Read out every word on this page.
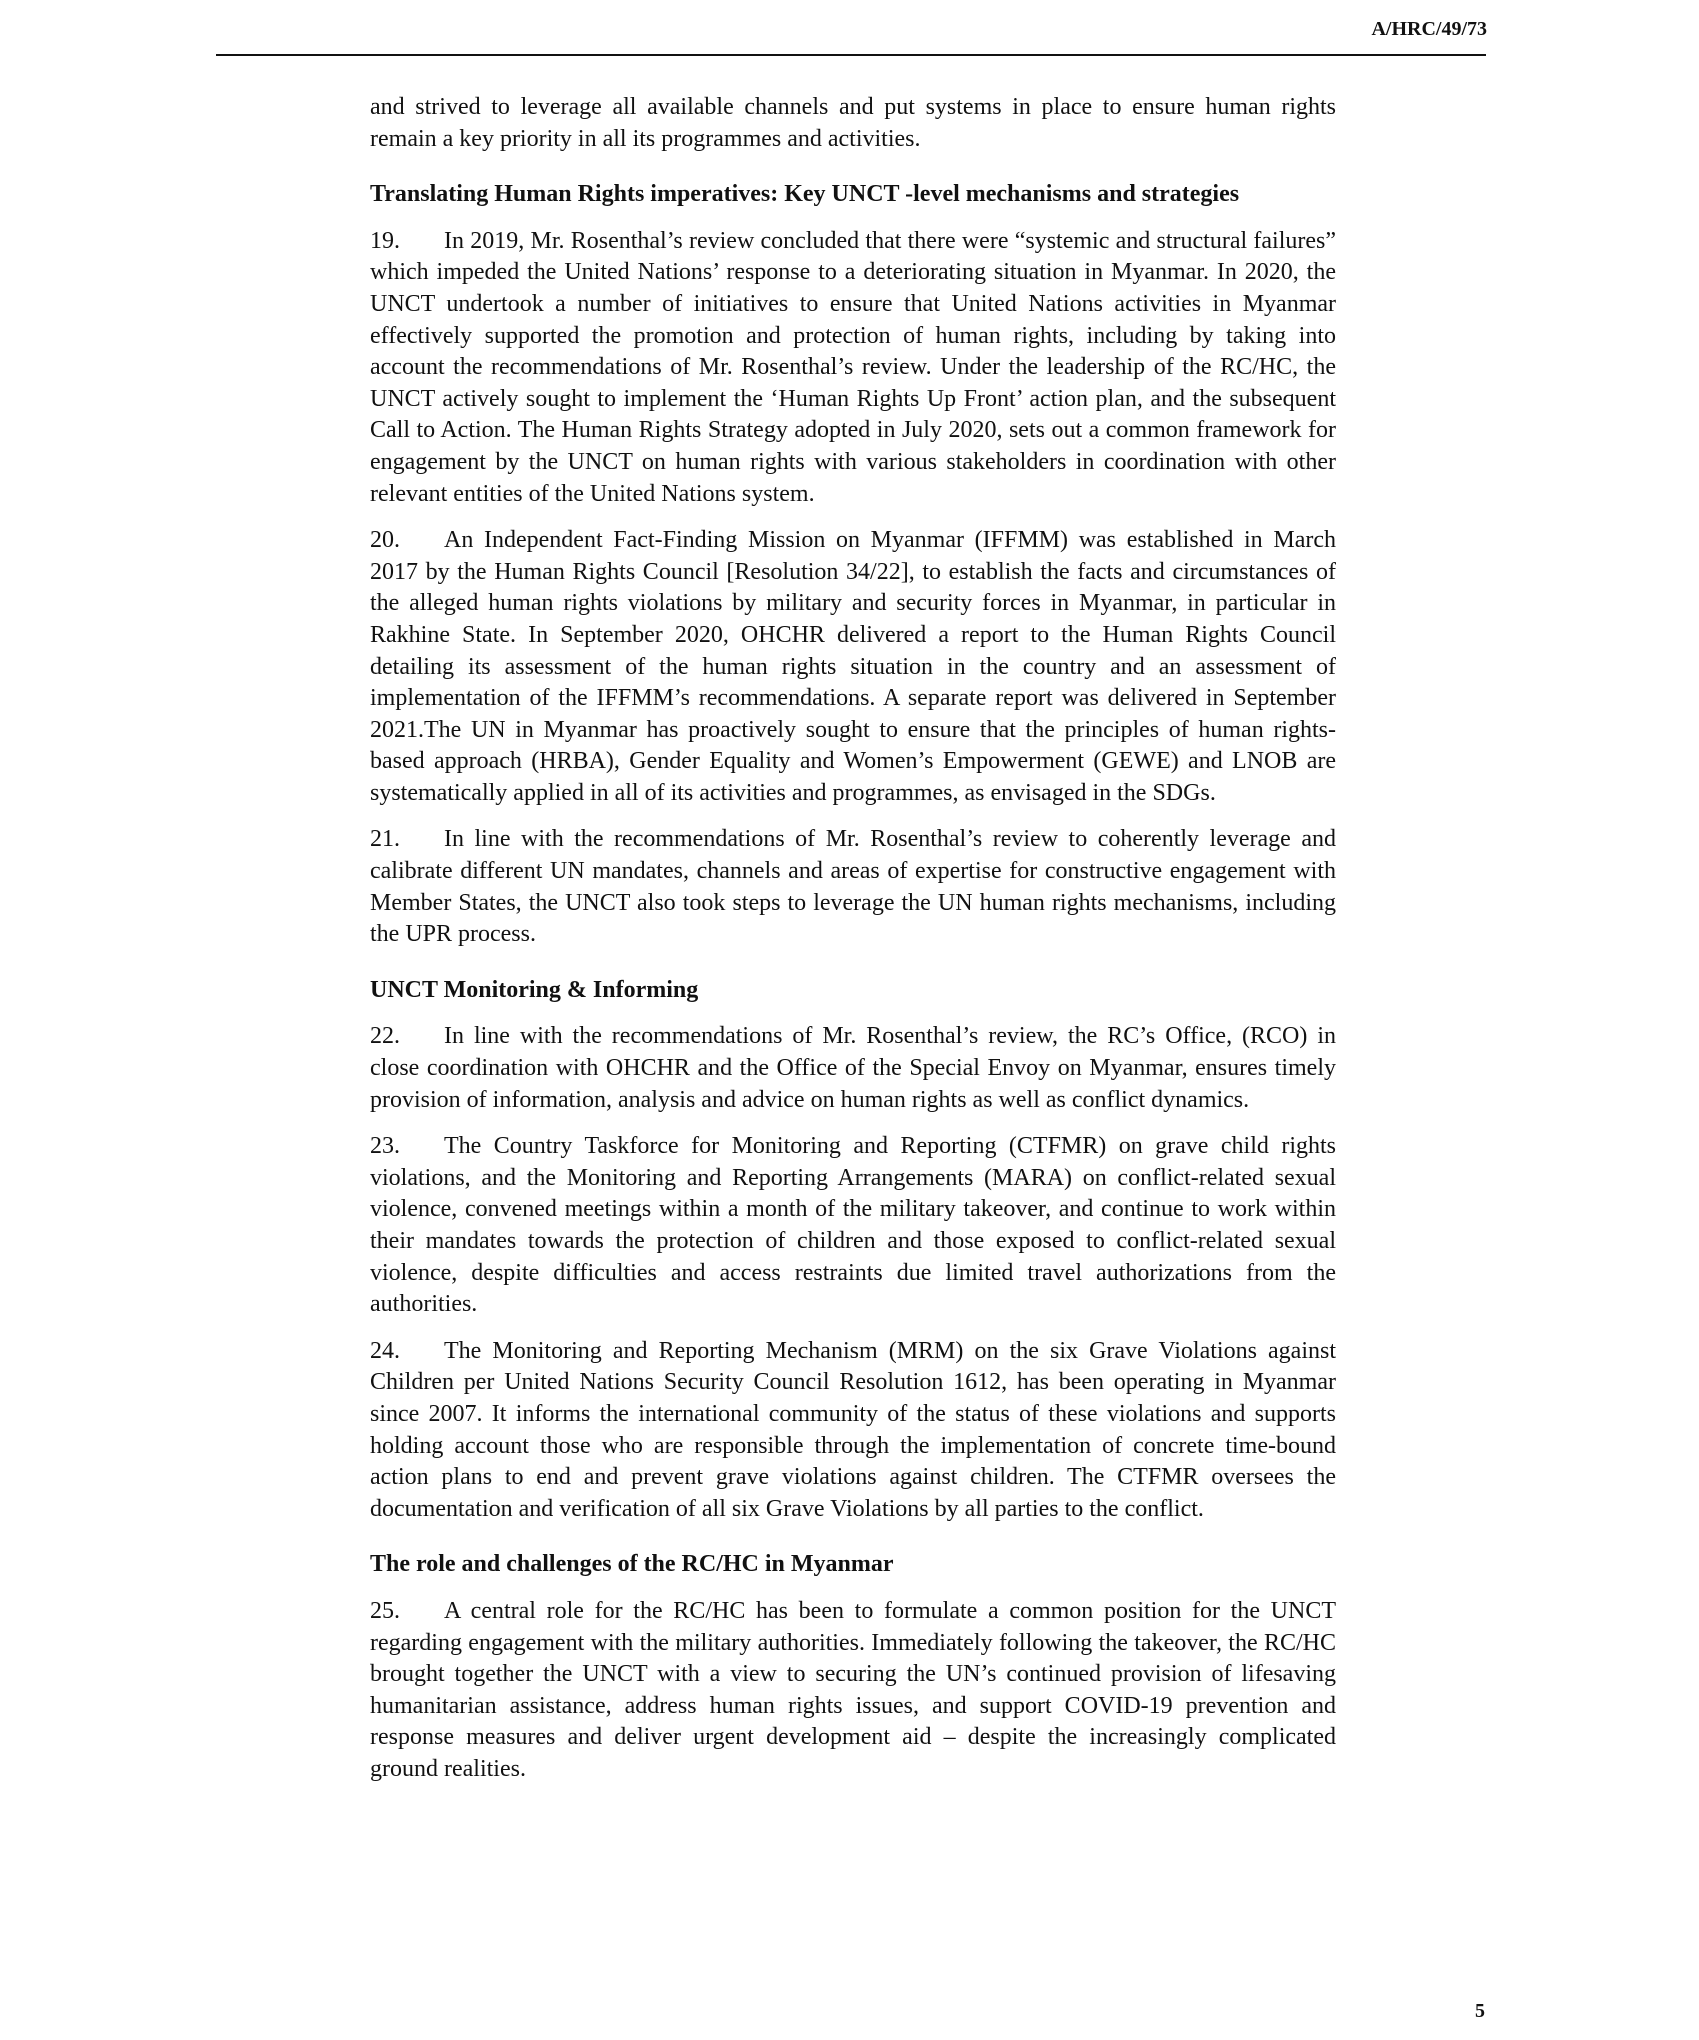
A/HRC/49/73

and strived to leverage all available channels and put systems in place to ensure human rights remain a key priority in all its programmes and activities.

Translating Human Rights imperatives: Key UNCT -level mechanisms and strategies

19. In 2019, Mr. Rosenthal’s review concluded that there were “systemic and structural failures” which impeded the United Nations’ response to a deteriorating situation in Myanmar. In 2020, the UNCT undertook a number of initiatives to ensure that United Nations activities in Myanmar effectively supported the promotion and protection of human rights, including by taking into account the recommendations of Mr. Rosenthal’s review. Under the leadership of the RC/HC, the UNCT actively sought to implement the ‘Human Rights Up Front’ action plan, and the subsequent Call to Action. The Human Rights Strategy adopted in July 2020, sets out a common framework for engagement by the UNCT on human rights with various stakeholders in coordination with other relevant entities of the United Nations system.

20. An Independent Fact-Finding Mission on Myanmar (IFFMM) was established in March 2017 by the Human Rights Council [Resolution 34/22], to establish the facts and circumstances of the alleged human rights violations by military and security forces in Myanmar, in particular in Rakhine State. In September 2020, OHCHR delivered a report to the Human Rights Council detailing its assessment of the human rights situation in the country and an assessment of implementation of the IFFMM’s recommendations. A separate report was delivered in September 2021.The UN in Myanmar has proactively sought to ensure that the principles of human rights-based approach (HRBA), Gender Equality and Women’s Empowerment (GEWE) and LNOB are systematically applied in all of its activities and programmes, as envisaged in the SDGs.

21. In line with the recommendations of Mr. Rosenthal’s review to coherently leverage and calibrate different UN mandates, channels and areas of expertise for constructive engagement with Member States, the UNCT also took steps to leverage the UN human rights mechanisms, including the UPR process.

UNCT Monitoring & Informing

22. In line with the recommendations of Mr. Rosenthal’s review, the RC’s Office, (RCO) in close coordination with OHCHR and the Office of the Special Envoy on Myanmar, ensures timely provision of information, analysis and advice on human rights as well as conflict dynamics.

23. The Country Taskforce for Monitoring and Reporting (CTFMR) on grave child rights violations, and the Monitoring and Reporting Arrangements (MARA) on conflict-related sexual violence, convened meetings within a month of the military takeover, and continue to work within their mandates towards the protection of children and those exposed to conflict-related sexual violence, despite difficulties and access restraints due limited travel authorizations from the authorities.

24. The Monitoring and Reporting Mechanism (MRM) on the six Grave Violations against Children per United Nations Security Council Resolution 1612, has been operating in Myanmar since 2007. It informs the international community of the status of these violations and supports holding account those who are responsible through the implementation of concrete time-bound action plans to end and prevent grave violations against children. The CTFMR oversees the documentation and verification of all six Grave Violations by all parties to the conflict.

The role and challenges of the RC/HC in Myanmar

25. A central role for the RC/HC has been to formulate a common position for the UNCT regarding engagement with the military authorities. Immediately following the takeover, the RC/HC brought together the UNCT with a view to securing the UN’s continued provision of lifesaving humanitarian assistance, address human rights issues, and support COVID-19 prevention and response measures and deliver urgent development aid – despite the increasingly complicated ground realities.

5
